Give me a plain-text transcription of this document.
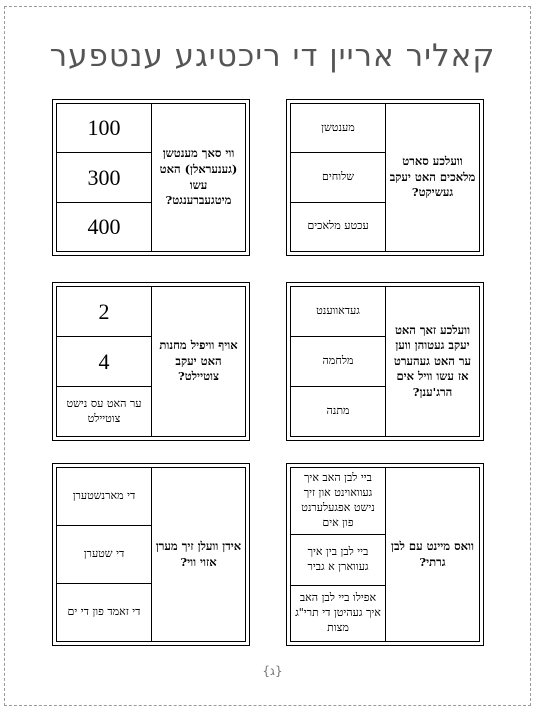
קאליר אריין די ריכטיגע ענטפער
וועלכע סארט מלאכים האט יעקב געשיקט?
מענטשן
שלוחים
עכטע מלאכים
ווי סאך מענטשן (גענעראלן) האט עשו מיטגעברענגט?
100
300
400
וועלכע זאך האט יעקב געטוהן ווען ער האט געהערט אז עשו וויל אים הרג'ענן?
געדאווענט
מלחמה
מתנה
אויף וויפיל מחנות האט יעקב צוטיילט?
2
4
ער האט עס נישט צוטיילט
וואס מיינט עם לבן גרתי?
ביי לבן האב איך געוואוינט און זיך נישט אפגעלערנט פון אים
ביי לבן בין איך געווארן א גביר
אפילו ביי לבן האב איך געהיטן די תרי"ג מצות
אידן וועלן זיך מערן אזוי ווי?
די מארנשטערן
די שטערן
די זאמד פון די ים
{ג}
